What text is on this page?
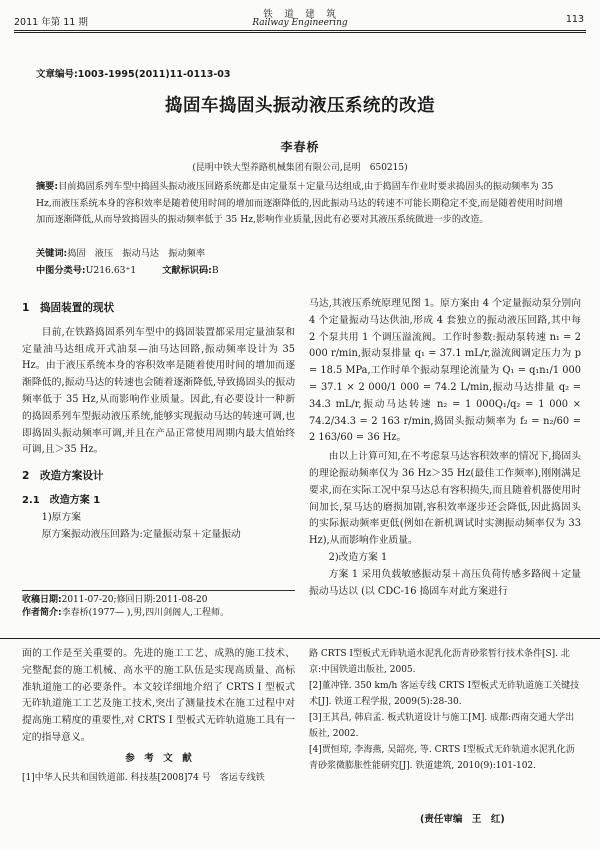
2011 年第 11 期
铁　道　建　筑
Railway Engineering	113
文章编号:1003-1995(2011)11-0113-03
捣固车捣固头振动液压系统的改造
李春桥
(昆明中铁大型养路机械集团有限公司,昆明　650215)
摘要:目前捣固系列车型中捣固头振动液压回路系统都是由定量泵＋定量马达组成,由于捣固车作业时要求捣固头的振动频率为 35 Hz,而液压系统本身的容积效率是随着使用时间的增加而逐渐降低的,因此振动马达的转速不可能长期稳定不变,而是随着使用时间增加而逐渐降低,从而导致捣固头的振动频率低于 35 Hz,影响作业质量,因此有必要对其液压系统做进一步的改造。
关键词:捣固　液压　振动马达　振动频率
中图分类号:U216.63⁺1	文献标识码:B

1　捣固装置的现状

目前,在铁路捣固系列车型中的捣固装置都采用定量油泵和定量油马达组成开式油泵—油马达回路,振动频率设计为 35 Hz。由于液压系统本身的容积效率是随着使用时间的增加而逐渐降低的,振动马达的转速也会随着逐渐降低,导致捣固头的振动频率低于 35 Hz,从而影响作业质量。因此,有必要设计一种新的捣固系列车型振动液压系统,能够实现振动马达的转速可调,也即捣固头振动频率可调,并且在产品正常使用周期内最大值始终可调,且＞35 Hz。

2　改造方案设计

2.1　改造方案 1

1)原方案

原方案振动液压回路为:定量振动泵＋定量振动

收稿日期:2011-07-20;修回日期:2011-08-20
作者简介:李春桥(1977— ),男,四川剑阁人,工程师。

马达,其液压系统原理见图 1。原方案由 4 个定量振动泵分别向 4 个定量振动马达供油,形成 4 套独立的振动液压回路,其中每 2 个泵共用 1 个调压溢流阀。工作时参数:振动泵转速 n₁ = 2 000 r/min,振动泵排量 q₁ = 37.1 mL/r,溢流阀调定压力为 p = 18.5 MPa,工作时单个振动泵理论流量为 Q₁ = q₁n₁/1 000 = 37.1 × 2 000/1 000 = 74.2 L/min,振动马达排量 q₂ = 34.3 mL/r,振动马达转速 n₂ = 1 000Q₁/q₂ = 1 000 × 74.2/34.3 = 2 163 r/min,捣固头振动频率为 f₂ = n₂/60 = 2 163/60 = 36 Hz。

由以上计算可知,在不考虑泵马达容积效率的情况下,捣固头的理论振动频率仅为 36 Hz＞35 Hz(最佳工作频率),刚刚满足要求,而在实际工况中泵马达总有容积损失,而且随着机器使用时间加长,泵马达的磨损加剧,容积效率逐步还会降低,因此捣固头的实际振动频率更低(例如在新机调试时实测振动频率仅为 33 Hz),从而影响作业质量。

2)改造方案 1

方案 1 采用负载敏感振动泵＋高压负荷传感多路阀＋定量振动马达以 (以 CDC-16 捣固车对此方案进行

面的工作是至关重要的。先进的施工工艺、成熟的施工技术、完整配套的施工机械、高水平的施工队伍是实现高质量、高标准轨道施工的必要条件。本文较详细地介绍了 CRTS Ⅰ 型板式无砟轨道施工工艺及施工技术,突出了测量技术在施工过程中对提高施工精度的重要性,对 CRTS Ⅰ 型板式无砟轨道施工具有一定的指导意义。

参　考　文　献

[1]中华人民共和国铁道部. 科技基[2008]74 号　客运专线铁

路 CRTS Ⅰ型板式无砟轨道水泥乳化沥青砂浆暂行技术条件[S]. 北京:中国铁道出版社, 2005.

[2]董冲锋. 350 km/h 客运专线 CRTS Ⅰ型板式无砟轨道施工关键技术[J]. 铁道工程学报, 2009(5):28-30.

[3]王其昌, 韩启孟. 板式轨道设计与施工[M]. 成都:西南交通大学出版社, 2002.

[4]贾恒琼, 李海燕, 吴韶亮, 等. CRTS Ⅰ型板式无砟轨道水泥乳化沥青砂浆微膨胀性能研究[J]. 铁道建筑, 2010(9):101-102.

(责任审编　王　红)
